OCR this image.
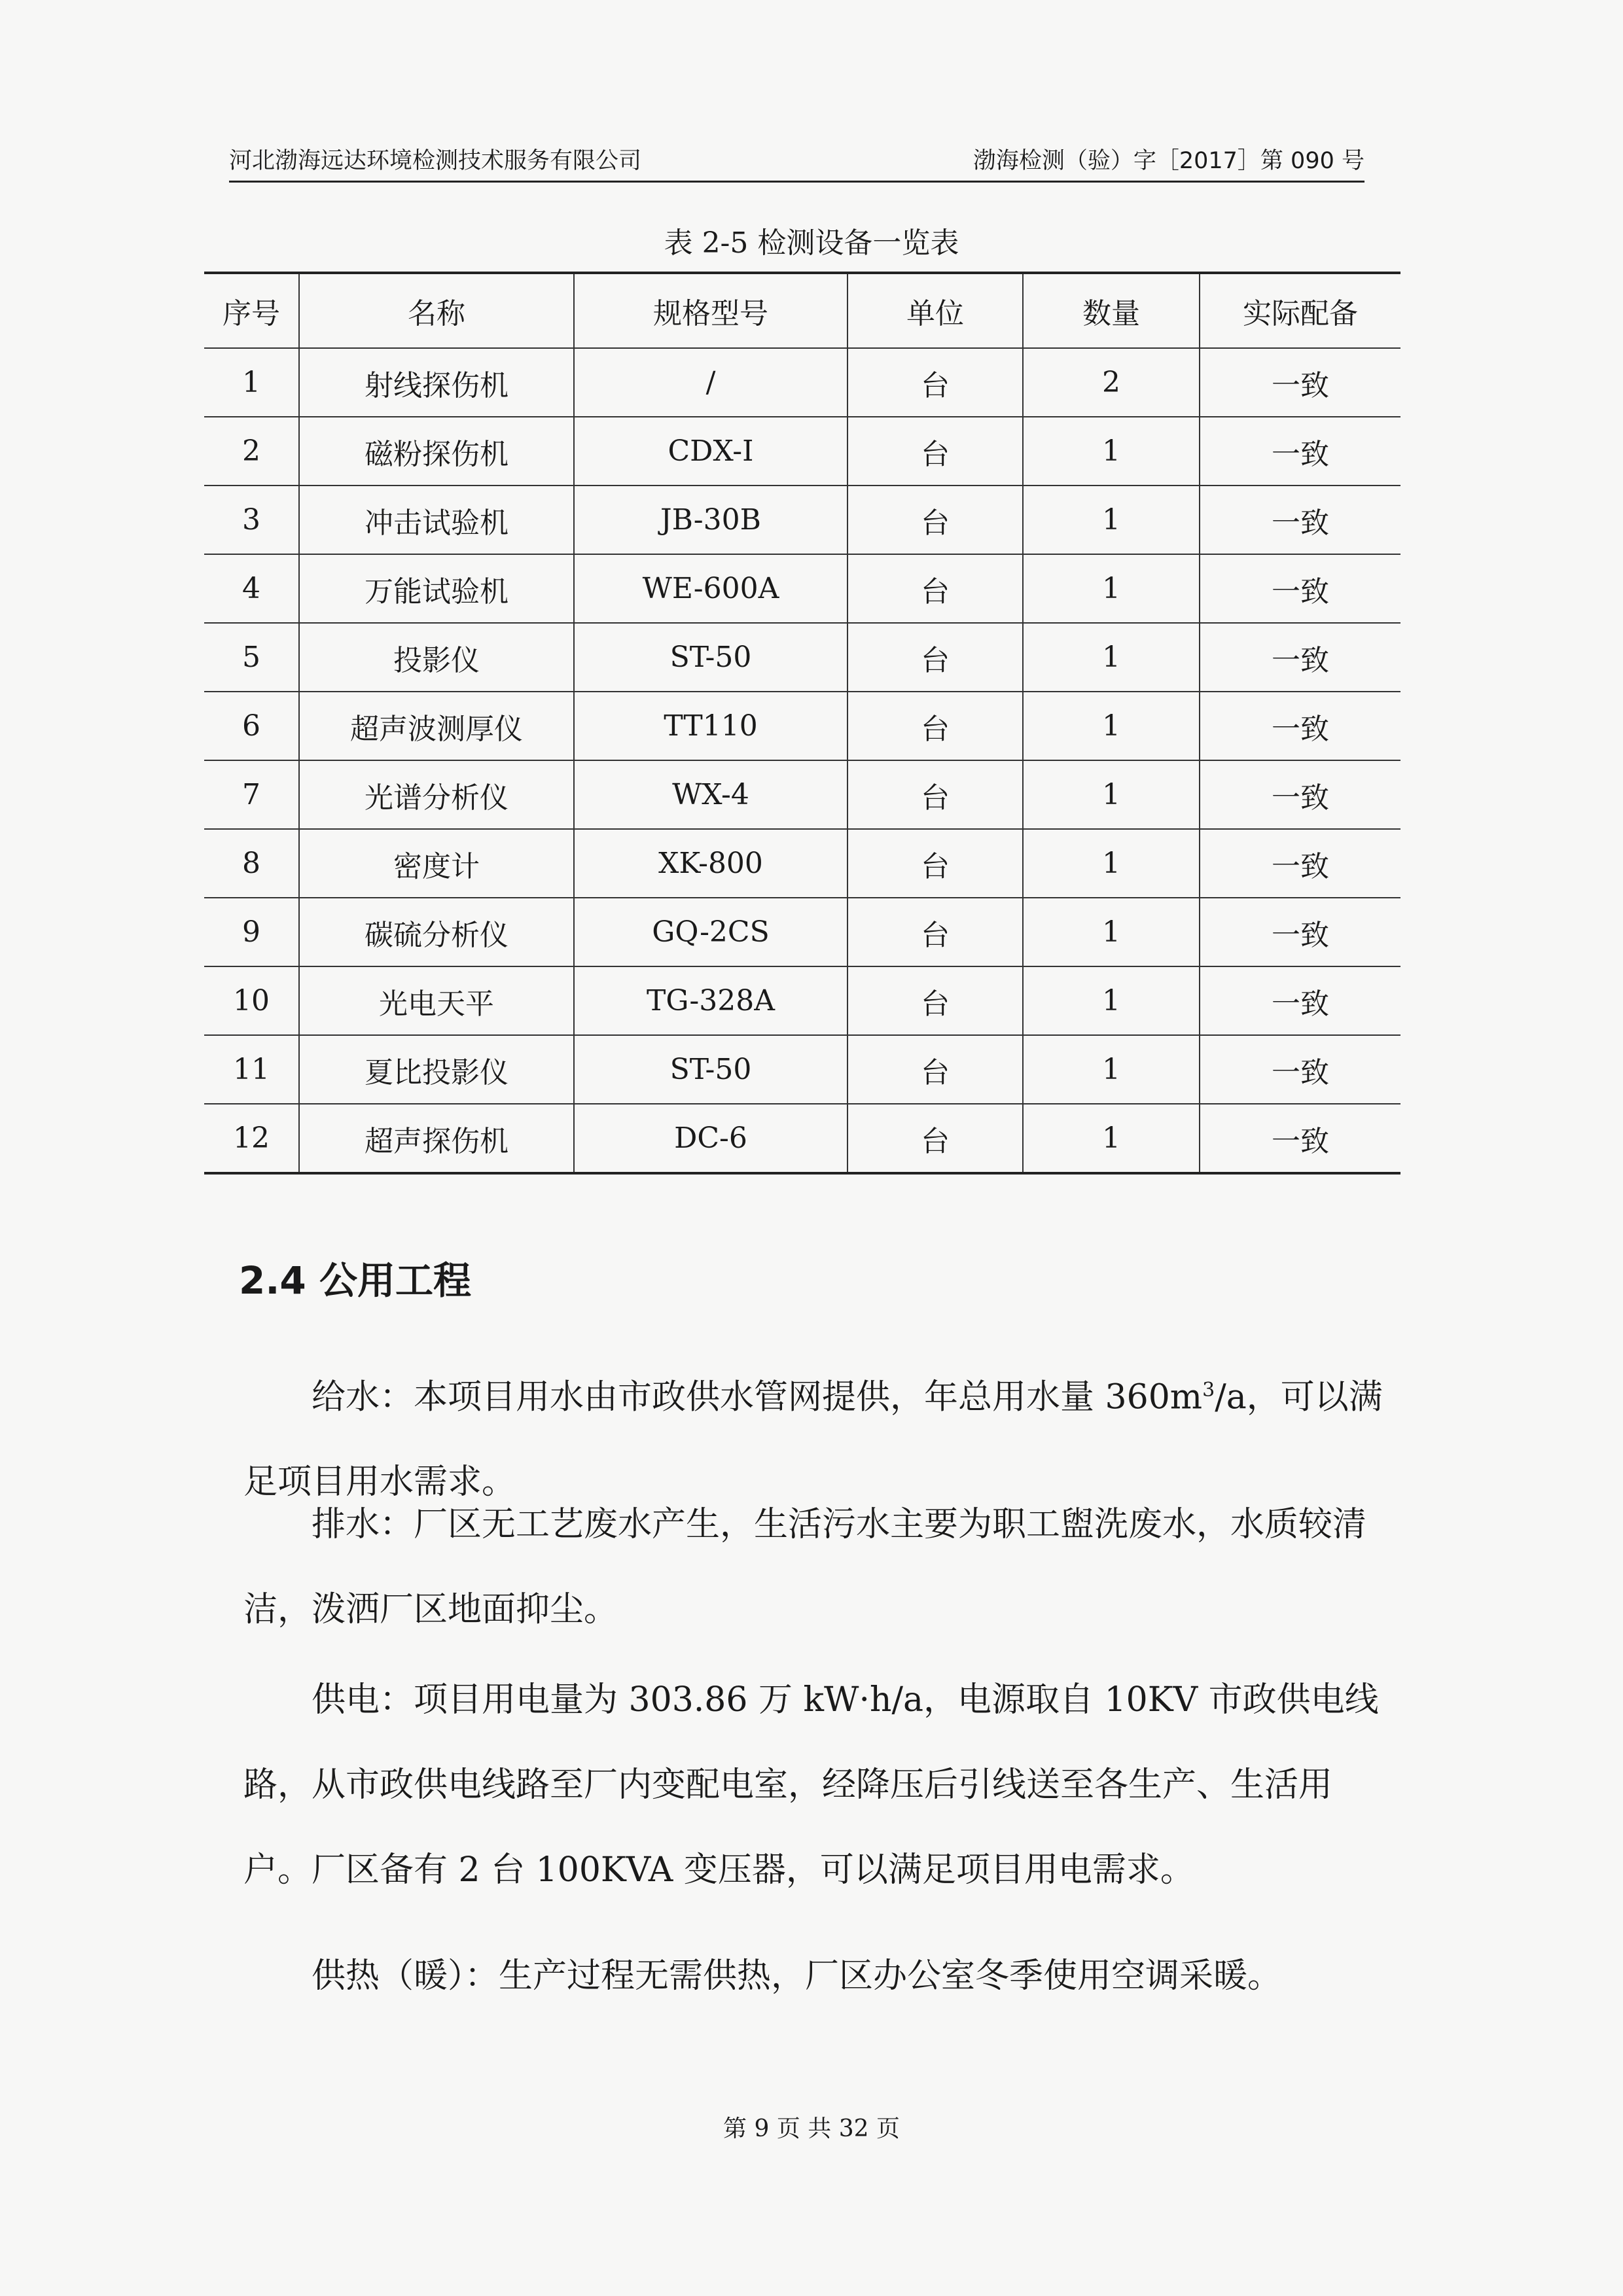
河北渤海远达环境检测技术服务有限公司	渤海检测（验）字［2017］第 090 号
表 2-5 检测设备一览表
序号	名称	规格型号	单位	数量	实际配备
1	射线探伤机	/	台	2	一致
2	磁粉探伤机	CDX-I	台	1	一致
3	冲击试验机	JB-30B	台	1	一致
4	万能试验机	WE-600A	台	1	一致
5	投影仪	ST-50	台	1	一致
6	超声波测厚仪	TT110	台	1	一致
7	光谱分析仪	WX-4	台	1	一致
8	密度计	XK-800	台	1	一致
9	碳硫分析仪	GQ-2CS	台	1	一致
10	光电天平	TG-328A	台	1	一致
11	夏比投影仪	ST-50	台	1	一致
12	超声探伤机	DC-6	台	1	一致
2.4 公用工程
给水：本项目用水由市政供水管网提供，年总用水量 $360m^3/a$，可以满足项目用水需求。
排水：厂区无工艺废水产生，生活污水主要为职工盥洗废水，水质较清洁，泼洒厂区地面抑尘。
供电：项目用电量为 303.86 万 kW·h/a，电源取自 10KV 市政供电线路，从市政供电线路至厂内变配电室，经降压后引线送至各生产、生活用户。厂区备有 2 台 100KVA 变压器，可以满足项目用电需求。
供热（暖）：生产过程无需供热，厂区办公室冬季使用空调采暖。
第 9 页 共 32 页
